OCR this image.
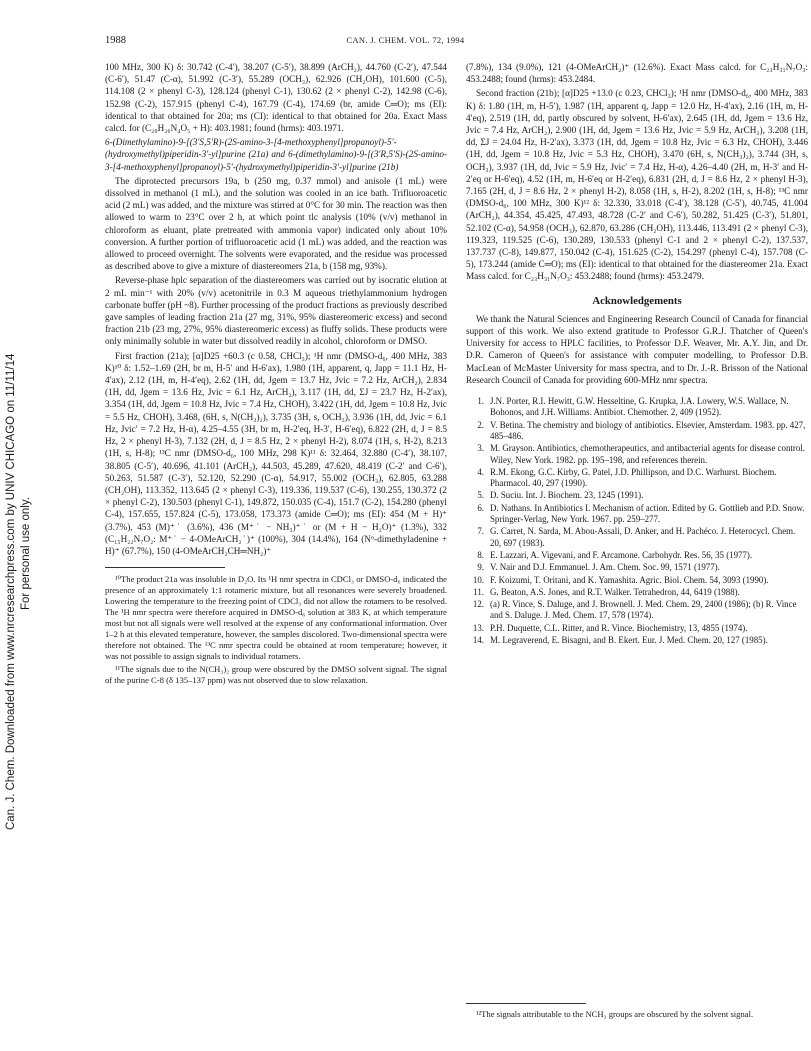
1988	CAN. J. CHEM. VOL. 72, 1994
Can. J. Chem. Downloaded from www.nrcresearchpress.com by UNIV CHICAGO on 11/11/14 For personal use only.

100 MHz, 300 K) δ: 30.742 (C-4′), 38.207 (C-5′), 38.899 (ArCH₂), 44.760 (C-2′), 47.544 (C-6′), 51.47 (C-α), 51.992 (C-3′), 55.289 (OCH₃), 62.926 (CH₂OH), 101.600 (C-5), 114.108 (2 × phenyl C-3), 128.124 (phenyl C-1), 130.62 (2 × phenyl C-2), 142.98 (C-6), 152.98 (C-2), 157.915 (phenyl C-4), 167.79 (C-4), 174.69 (br, amide C═O); ms (EI): identical to that obtained for 20a; ms (CI): identical to that obtained for 20a. Exact Mass calcd. for (C₂₀H₂₆N₄O₅ + H): 403.1981; found (hrms): 403.1971.

6-(Dimethylamino)-9-[(3′S,5′R)-(2S-amino-3-[4-methoxyphenyl]propanoyl)-5′-(hydroxymethyl)piperidin-3′-yl]purine (21a) and 6-(dimethylamino)-9-[(3′R,5′S)-(2S-amino-3-[4-methoxyphenyl]propanoyl)-5′-(hydroxymethyl)piperidin-3′-yl]purine (21b)

The diprotected precursors 19a, b (250 mg, 0.37 mmol) and anisole (1 mL) were dissolved in methanol (1 mL), and the solution was cooled in an ice bath. Trifluoroacetic acid (2 mL) was added, and the mixture was stirred at 0°C for 30 min. The reaction was then allowed to warm to 23°C over 2 h, at which point tlc analysis (10% (v/v) methanol in chloroform as eluant, plate pretreated with ammonia vapor) indicated only about 10% conversion. A further portion of trifluoroacetic acid (1 mL) was added, and the reaction was allowed to proceed overnight. The solvents were evaporated, and the residue was processed as described above to give a mixture of diastereomers 21a, b (158 mg, 93%).

Reverse-phase hplc separation of the diastereomers was carried out by isocratic elution at 2 mL min⁻¹ with 20% (v/v) acetonitrile in 0.3 M aqueous triethylammonium hydrogen carbonate buffer (pH ~8). Further processing of the product fractions as previously described gave samples of leading fraction 21a (27 mg, 31%, 95% diastereomeric excess) and second fraction 21b (23 mg, 27%, 95% diastereomeric excess) as fluffy solids. These products were only minimally soluble in water but dissolved readily in alcohol, chloroform or DMSO.

First fraction (21a); [α]D25 +60.3 (c 0.58, CHCl₃); ¹H nmr (DMSO-d₆, 400 MHz, 383 K)¹⁰ δ: 1.52–1.69 (2H, br m, H-5′ and H-6′ax), 1.980 (1H, apparent, q, Japp = 11.1 Hz, H-4′ax), 2.12 (1H, m, H-4′eq), 2.62 (1H, dd, Jgem = 13.7 Hz, Jvic = 7.2 Hz, ArCH₂), 2.834 (1H, dd, Jgem = 13.6 Hz, Jvic = 6.1 Hz, ArCH₂), 3.117 (1H, dd, ΣJ = 23.7 Hz, H-2′ax), 3.354 (1H, dd, Jgem = 10.8 Hz, Jvic = 7.4 Hz, CHOH), 3.422 (1H, dd, Jgem = 10.8 Hz, Jvic = 5.5 Hz, CHOH), 3.468, (6H, s, N(CH₃)₂), 3.735 (3H, s, OCH₃), 3.936 (1H, dd, Jvic = 6.1 Hz, Jvic′ = 7.2 Hz, H-α), 4.25–4.55 (3H, br m, H-2′eq, H-3′, H-6′eq), 6.822 (2H, d, J = 8.5 Hz, 2 × phenyl H-3), 7.132 (2H, d, J = 8.5 Hz, 2 × phenyl H-2), 8.074 (1H, s, H-2), 8.213 (1H, s, H-8); ¹³C nmr (DMSO-d₆, 100 MHz, 298 K)¹¹ δ: 32.464, 32.880 (C-4′), 38.107, 38.805 (C-5′), 40.696, 41.101 (ArCH₂), 44.503, 45.289, 47.620, 48.419 (C-2′ and C-6′), 50.263, 51.587 (C-3′), 52.120, 52.290 (C-α), 54.917, 55.002 (OCH₃), 62.805, 63.288 (CH₂OH), 113.352, 113.645 (2 × phenyl C-3), 119.336, 119.537 (C-6), 130.255, 130.372 (2 × phenyl C-2), 130.503 (phenyl C-1), 149.872, 150.035 (C-4), 151.7 (C-2), 154.280 (phenyl C-4), 157.655, 157.824 (C-5), 173.058, 173.373 (amide C═O); ms (EI): 454 (M + H)⁺ (3.7%), 453 (M)⁺˙ (3.6%), 436 (M⁺˙ − NH₃)⁺˙ or (M + H − H₂O)⁺ (1.3%), 332 (C₁₅H₂₂N₇O₂: M⁺˙ − 4-OMeArCH₂˙)⁺ (100%), 304 (14.4%), 164 (N⁶-dimethyladenine + H)⁺ (67.7%), 150 (4-OMeArCH₂CH═NH₂)⁺

¹⁰The product 21a was insoluble in D₂O. Its ¹H nmr spectra in CDCl₃ or DMSO-d₆ indicated the presence of an approximately 1:1 rotameric mixture, but all resonances were severely broadened. Lowering the temperature to the freezing point of CDCl₃ did not allow the rotamers to be resolved. The ¹H nmr spectra were therefore acquired in DMSO-d₆ solution at 383 K, at which temperature most but not all signals were well resolved at the expense of any conformational information. Over 1–2 h at this elevated temperature, however, the samples discolored. Two-dimensional spectra were therefore not obtained. The ¹³C nmr spectra could be obtained at room temperature; however, it was not possible to assign signals to individual rotamers.

¹¹The signals due to the N(CH₃)₂ group were obscured by the DMSO solvent signal. The signal of the purine C-8 (δ 135–137 ppm) was not observed due to slow relaxation.

(7.8%), 134 (9.0%), 121 (4-OMeArCH₂)⁺ (12.6%). Exact Mass calcd. for C₂₃H₃₁N₇O₃: 453.2488; found (hrms): 453.2484.

Second fraction (21b); [α]D25 +13.0 (c 0.23, CHCl₃); ¹H nmr (DMSO-d₆, 400 MHz, 383 K) δ: 1.80 (1H, m, H-5′), 1.987 (1H, apparent q, Japp = 12.0 Hz, H-4′ax), 2.16 (1H, m, H-4′eq), 2.519 (1H, dd, partly obscured by solvent, H-6′ax), 2.645 (1H, dd, Jgem = 13.6 Hz, Jvic = 7.4 Hz, ArCH₂), 2.900 (1H, dd, Jgem = 13.6 Hz, Jvic = 5.9 Hz, ArCH₂), 3.208 (1H, dd, ΣJ = 24.04 Hz, H-2′ax), 3.373 (1H, dd, Jgem = 10.8 Hz, Jvic = 6.3 Hz, CHOH), 3.446 (1H, dd, Jgem = 10.8 Hz, Jvic = 5.3 Hz, CHOH), 3.470 (6H, s, N(CH₃)₂), 3.744 (3H, s, OCH₃), 3.937 (1H, dd, Jvic = 5.9 Hz, Jvic′ = 7.4 Hz, H-α), 4.26–4.40 (2H, m, H-3′ and H-2′eq or H-6′eq), 4.52 (1H, m, H-6′eq or H-2′eq), 6.831 (2H, d, J = 8.6 Hz, 2 × phenyl H-3), 7.165 (2H, d, J = 8.6 Hz, 2 × phenyl H-2), 8.058 (1H, s, H-2), 8.202 (1H, s, H-8); ¹³C nmr (DMSO-d₆, 100 MHz, 300 K)¹² δ: 32.330, 33.018 (C-4′), 38.128 (C-5′), 40.745, 41.004 (ArCH₂), 44.354, 45.425, 47.493, 48.728 (C-2′ and C-6′), 50.282, 51.425 (C-3′), 51.801, 52.102 (C-α), 54.958 (OCH₃), 62.870, 63.286 (CH₂OH), 113.446, 113.491 (2 × phenyl C-3), 119.323, 119.525 (C-6), 130.289, 130.533 (phenyl C-1 and 2 × phenyl C-2), 137.537, 137.737 (C-8), 149.877, 150.042 (C-4), 151.625 (C-2), 154.297 (phenyl C-4), 157.708 (C-5), 173.244 (amide C═O); ms (EI): identical to that obtained for the diastereomer 21a. Exact Mass calcd. for C₂₃H₃₁N₇O₃: 453.2488; found (hrms): 453.2479.

Acknowledgements

We thank the Natural Sciences and Engineering Research Council of Canada for financial support of this work. We also extend gratitude to Professor G.R.J. Thatcher of Queen's University for access to HPLC facilities, to Professor D.F. Weaver, Mr. A.Y. Jin, and Dr. D.R. Cameron of Queen's for assistance with computer modelling, to Professor D.B. MacLean of McMaster University for mass spectra, and to Dr. J.-R. Brisson of the National Research Council of Canada for providing 600-MHz nmr spectra.

1. J.N. Porter, R.I. Hewitt, G.W. Hesseltine, G. Krupka, J.A. Lowery, W.S. Wallace, N. Bohonos, and J.H. Williams. Antibiot. Chemother. 2, 409 (1952).
2. V. Betina. The chemistry and biology of antibiotics. Elsevier, Amsterdam. 1983. pp. 427, 485–486.
3. M. Grayson. Antibiotics, chemotherapeutics, and antibacterial agents for disease control. Wiley, New York. 1982. pp. 195–198, and references therein.
4. R.M. Ekong, G.C. Kirby, G. Patel, J.D. Phillipson, and D.C. Warhurst. Biochem. Pharmacol. 40, 297 (1990).
5. D. Suciu. Int. J. Biochem. 23, 1245 (1991).
6. D. Nathans. In Antibiotics I. Mechanism of action. Edited by G. Gottlieb and P.D. Snow. Springer-Verlag, New York. 1967. pp. 259–277.
7. G. Carret, N. Sarda, M. Abou-Assali, D. Anker, and H. Pachéco. J. Heterocycl. Chem. 20, 697 (1983).
8. E. Lazzari, A. Vigevani, and F. Arcamone. Carbohydr. Res. 56, 35 (1977).
9. V. Nair and D.J. Emmanuel. J. Am. Chem. Soc. 99, 1571 (1977).
10. F. Koizumi, T. Oritani, and K. Yamashita. Agric. Biol. Chem. 54, 3093 (1990).
11. G. Beaton, A.S. Jones, and R.T. Walker. Tetrahedron, 44, 6419 (1988).
12. (a) R. Vince, S. Daluge, and J. Brownell. J. Med. Chem. 29, 2400 (1986); (b) R. Vince and S. Daluge. J. Med. Chem. 17, 578 (1974).
13. P.H. Duquette, C.L. Ritter, and R. Vince. Biochemistry, 13, 4855 (1974).
14. M. Legraverend, E. Bisagni, and B. Ekert. Eur. J. Med. Chem. 20, 127 (1985).

¹²The signals attributable to the NCH₃ groups are obscured by the solvent signal.
